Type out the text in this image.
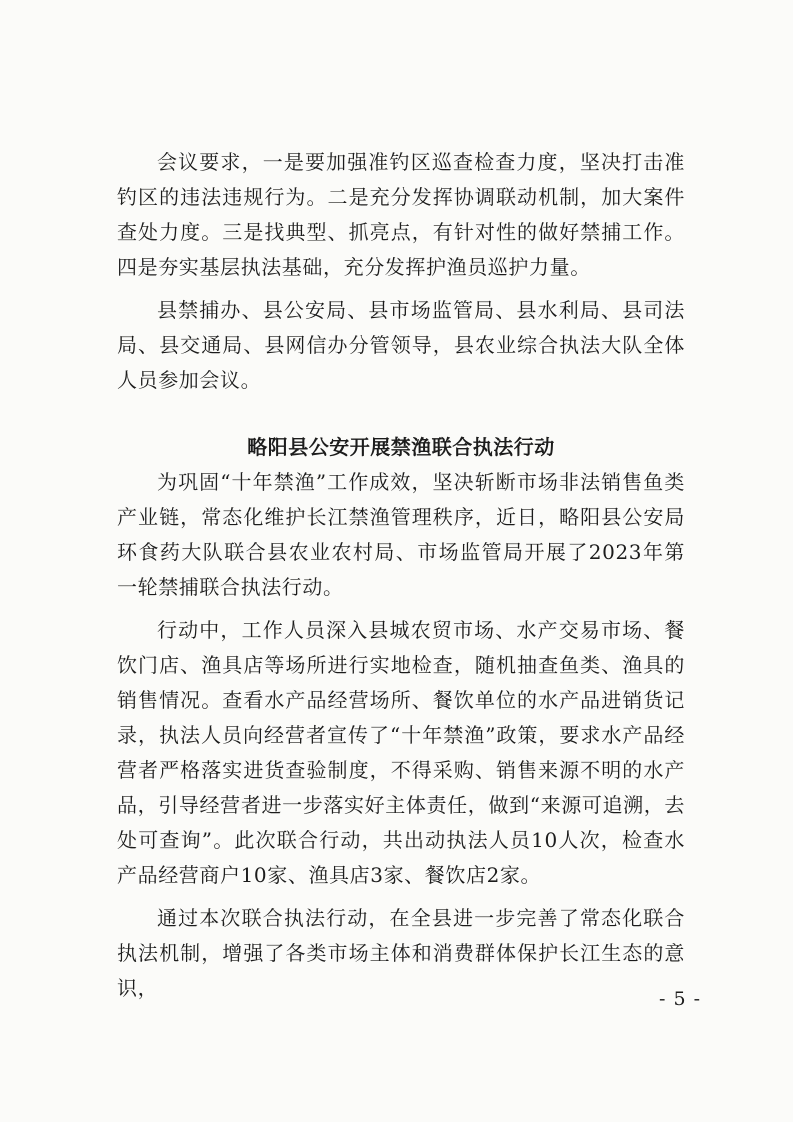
会议要求，一是要加强准钓区巡查检查力度，坚决打击准钓区的违法违规行为。二是充分发挥协调联动机制，加大案件查处力度。三是找典型、抓亮点，有针对性的做好禁捕工作。四是夯实基层执法基础，充分发挥护渔员巡护力量。

县禁捕办、县公安局、县市场监管局、县水利局、县司法局、县交通局、县网信办分管领导，县农业综合执法大队全体人员参加会议。

略阳县公安开展禁渔联合执法行动

为巩固“十年禁渔”工作成效，坚决斩断市场非法销售鱼类产业链，常态化维护长江禁渔管理秩序，近日，略阳县公安局环食药大队联合县农业农村局、市场监管局开展了2023年第一轮禁捕联合执法行动。

行动中，工作人员深入县城农贸市场、水产交易市场、餐饮门店、渔具店等场所进行实地检查，随机抽查鱼类、渔具的销售情况。查看水产品经营场所、餐饮单位的水产品进销货记录，执法人员向经营者宣传了“十年禁渔”政策，要求水产品经营者严格落实进货查验制度，不得采购、销售来源不明的水产品，引导经营者进一步落实好主体责任，做到“来源可追溯，去处可查询”。此次联合行动，共出动执法人员10人次，检查水产品经营商户10家、渔具店3家、餐饮店2家。

通过本次联合执法行动，在全县进一步完善了常态化联合执法机制，增强了各类市场主体和消费群体保护长江生态的意识，	- 5 -
